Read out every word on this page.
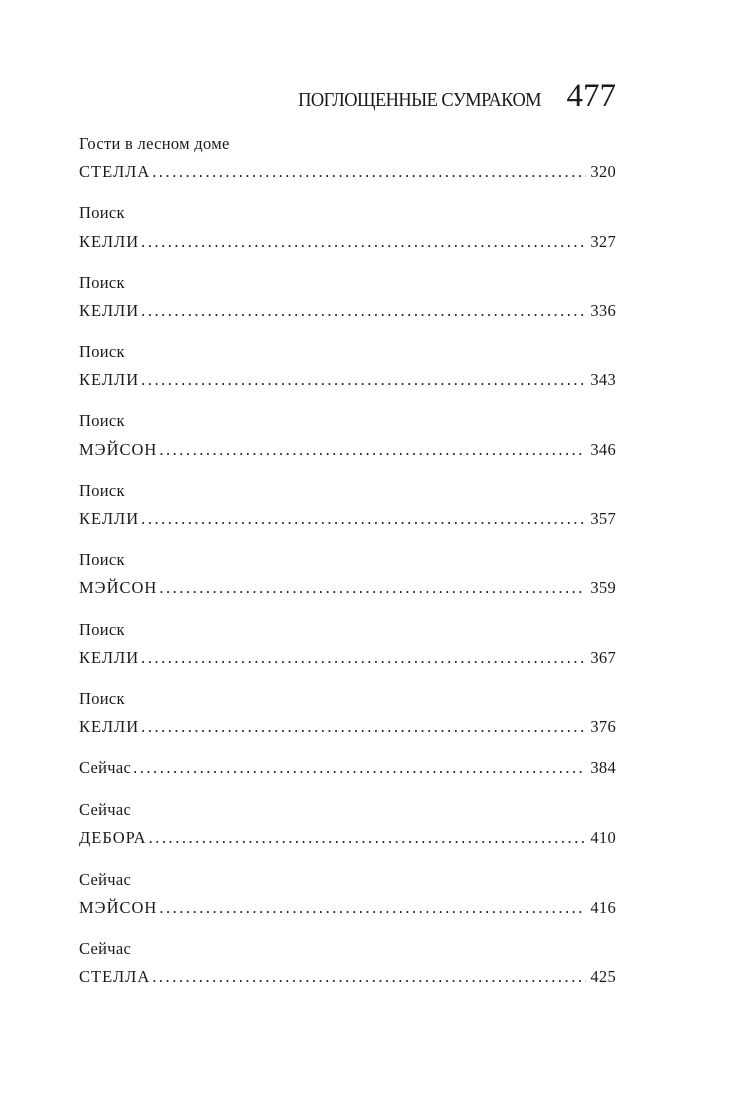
ПОГЛОЩЕННЫЕ СУМРАКОМ 477
Гости в лесном доме
СТЕЛЛА . . .	320
Поиск
КЕЛЛИ . . .	327
Поиск
КЕЛЛИ . . .	336
Поиск
КЕЛЛИ . . .	343
Поиск
МЭЙСОН . . .	346
Поиск
КЕЛЛИ . . .	357
Поиск
МЭЙСОН . . .	359
Поиск
КЕЛЛИ . . .	367
Поиск
КЕЛЛИ . . .	376
Сейчас . . .	384
Сейчас
ДЕБОРА . . .	410
Сейчас
МЭЙСОН . . .	416
Сейчас
СТЕЛЛА . . .	425
